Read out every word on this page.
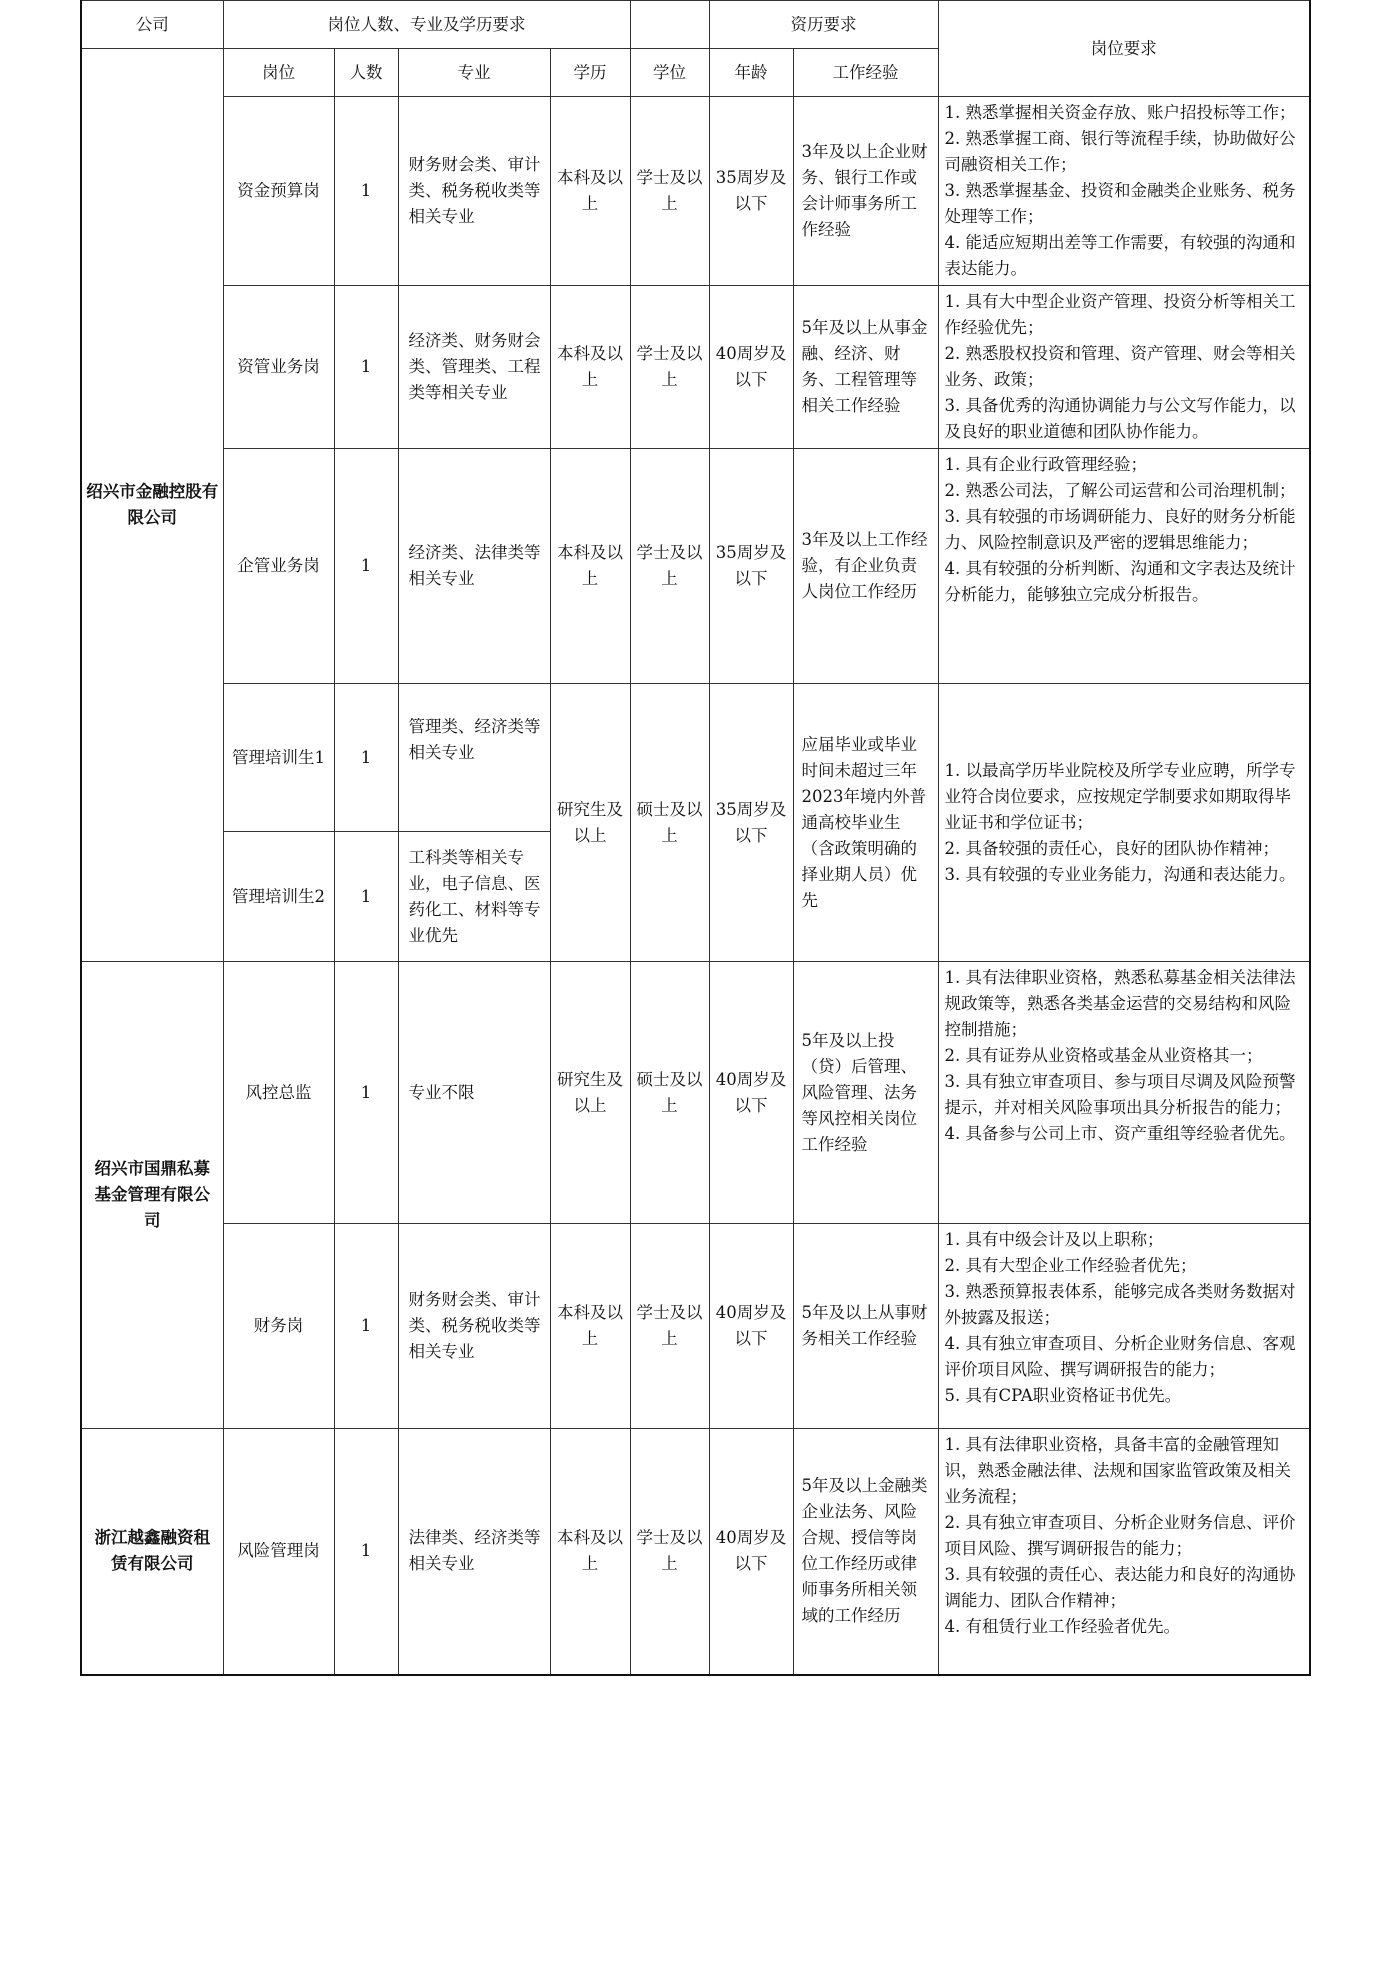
公司	岗位人数、专业及学历要求					资历要求		岗位要求
绍兴市金融控股有限公司	岗位	人数	专业	学历	学位	年龄	工作经验	
	资金预算岗	1	财务财会类、审计类、税务税收类等相关专业	本科及以上	学士及以上	35周岁及以下	3年及以上企业财务、银行工作或会计师事务所工作经验	1. 熟悉掌握相关资金存放、账户招投标等工作；
2. 熟悉掌握工商、银行等流程手续，协助做好公司融资相关工作；
3. 熟悉掌握基金、投资和金融类企业账务、税务处理等工作；
4. 能适应短期出差等工作需要，有较强的沟通和表达能力。

	资管业务岗	1	经济类、财务财会类、管理类、工程类等相关专业	本科及以上	学士及以上	40周岁及以下	5年及以上从事金融、经济、财务、工程管理等相关工作经验	1. 具有大中型企业资产管理、投资分析等相关工作经验优先；
2. 熟悉股权投资和管理、资产管理、财会等相关业务、政策；
3. 具备优秀的沟通协调能力与公文写作能力，以及良好的职业道德和团队协作能力。

	企管业务岗	1	经济类、法律类等相关专业	本科及以上	学士及以上	35周岁及以下	3年及以上工作经验，有企业负责人岗位工作经历	1. 具有企业行政管理经验；
2. 熟悉公司法，了解公司运营和公司治理机制；
3. 具有较强的市场调研能力、良好的财务分析能力、风险控制意识及严密的逻辑思维能力；
4. 具有较强的分析判断、沟通和文字表达及统计分析能力，能够独立完成分析报告。

	管理培训生1	1	管理类、经济类等相关专业	研究生及以上	硕士及以上	35周岁及以下	应届毕业或毕业时间未超过三年 2023年境内外普通高校毕业生（含政策明确的择业期人员）优先	1. 以最高学历毕业院校及所学专业应聘，所学专业符合岗位要求，应按规定学制要求如期取得毕业证书和学位证书；
2. 具备较强的责任心，良好的团队协作精神；
3. 具有较强的专业业务能力，沟通和表达能力。

	管理培训生2	1	工科类等相关专业，电子信息、医药化工、材料等专业优先					
绍兴市国鼎私募基金管理有限公司	风控总监	1	专业不限	研究生及以上	硕士及以上	40周岁及以下	5年及以上投（贷）后管理、风险管理、法务等风控相关岗位工作经验	1. 具有法律职业资格，熟悉私募基金相关法律法规政策等，熟悉各类基金运营的交易结构和风险控制措施；
2. 具有证券从业资格或基金从业资格其一；
3. 具有独立审查项目、参与项目尽调及风险预警提示，并对相关风险事项出具分析报告的能力；
4. 具备参与公司上市、资产重组等经验者优先。

	财务岗	1	财务财会类、审计类、税务税收类等相关专业	本科及以上	学士及以上	40周岁及以下	5年及以上从事财务相关工作经验	1. 具有中级会计及以上职称；
2. 具有大型企业工作经验者优先；
3. 熟悉预算报表体系，能够完成各类财务数据对外披露及报送；
4. 具有独立审查项目、分析企业财务信息、客观评价项目风险、撰写调研报告的能力；
5. 具有CPA职业资格证书优先。

浙江越鑫融资租赁有限公司	风险管理岗	1	法律类、经济类等相关专业	本科及以上	学士及以上	40周岁及以下	5年及以上金融类企业法务、风险合规、授信等岗位工作经历或律师事务所相关领域的工作经历	1. 具有法律职业资格，具备丰富的金融管理知识，熟悉金融法律、法规和国家监管政策及相关业务流程；
2. 具有独立审查项目、分析企业财务信息、评价项目风险、撰写调研报告的能力；
3. 具有较强的责任心、表达能力和良好的沟通协调能力、团队合作精神；
4. 有租赁行业工作经验者优先。
